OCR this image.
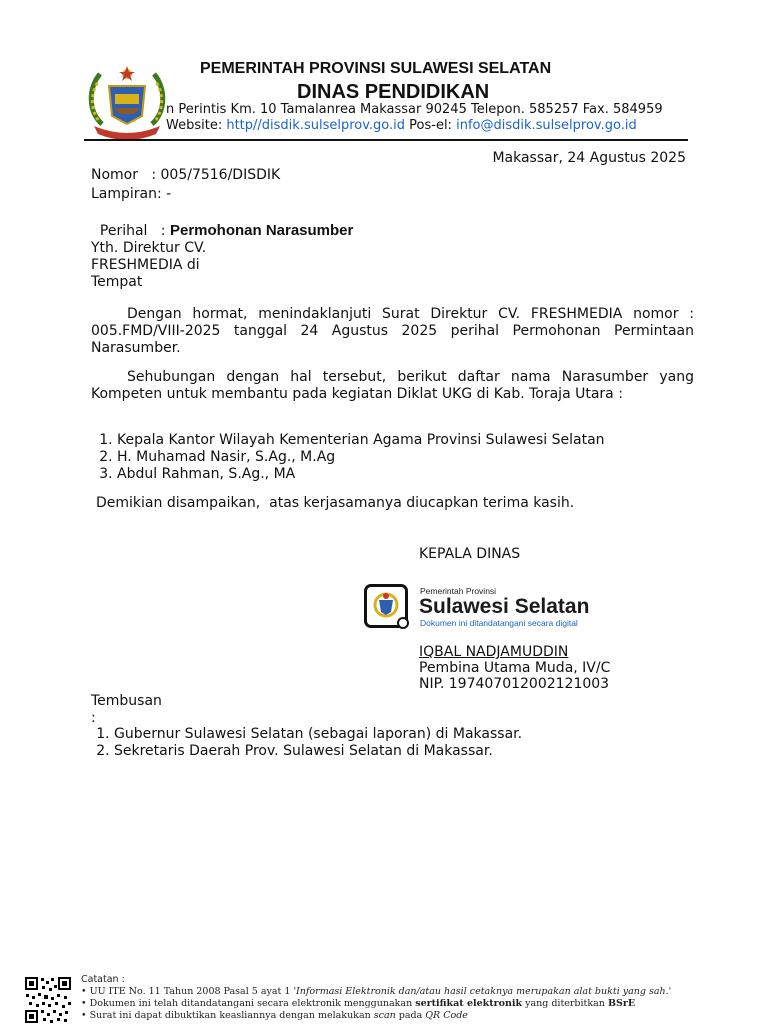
SULAWESI SELATAN
PEMERINTAH PROVINSI SULAWESI SELATAN
DINAS PENDIDIKAN
n Perintis Km. 10 Tamalanrea Makassar 90245 Telepon. 585257 Fax. 584959
Website: http//disdik.sulselprov.go.id Pos-el: info@disdik.sulselprov.go.id
Makassar, 24 Agustus 2025
Nomor   : 005/7516/DISDIK
Lampiran: -

Perihal   : Permohonan Narasumber

Yth. Direktur CV.
FRESHMEDIA di
Tempat
Dengan hormat, menindaklanjuti Surat Direktur CV. FRESHMEDIA nomor : 005.FMD/VIII-2025 tanggal 24 Agustus 2025 perihal Permohonan Permintaan Narasumber.
Sehubungan dengan hal tersebut, berikut daftar nama Narasumber yang Kompeten untuk membantu pada kegiatan Diklat UKG di Kab. Toraja Utara :
1. Kepala Kantor Wilayah Kementerian Agama Provinsi Sulawesi Selatan
2. H. Muhamad Nasir, S.Ag., M.Ag
3. Abdul Rahman, S.Ag., MA
Demikian disampaikan,  atas kerjasamanya diucapkan terima kasih.
KEPALA DINAS
Pemerintah Provinsi
Sulawesi Selatan
Dokumen ini ditandatangani secara digital
IQBAL NADJAMUDDIN
Pembina Utama Muda, IV/C
NIP. 197407012002121003
Tembusan
:
1. Gubernur Sulawesi Selatan (sebagai laporan) di Makassar.
2. Sekretaris Daerah Prov. Sulawesi Selatan di Makassar.
Catatan :
• UU ITE No. 11 Tahun 2008 Pasal 5 ayat 1 'Informasi Elektronik dan/atau hasil cetaknya merupakan alat bukti yang sah.'
• Dokumen ini telah ditandatangani secara elektronik menggunakan sertifikat elektronik yang diterbitkan BSrE
• Surat ini dapat dibuktikan keasliannya dengan melakukan scan pada QR Code
